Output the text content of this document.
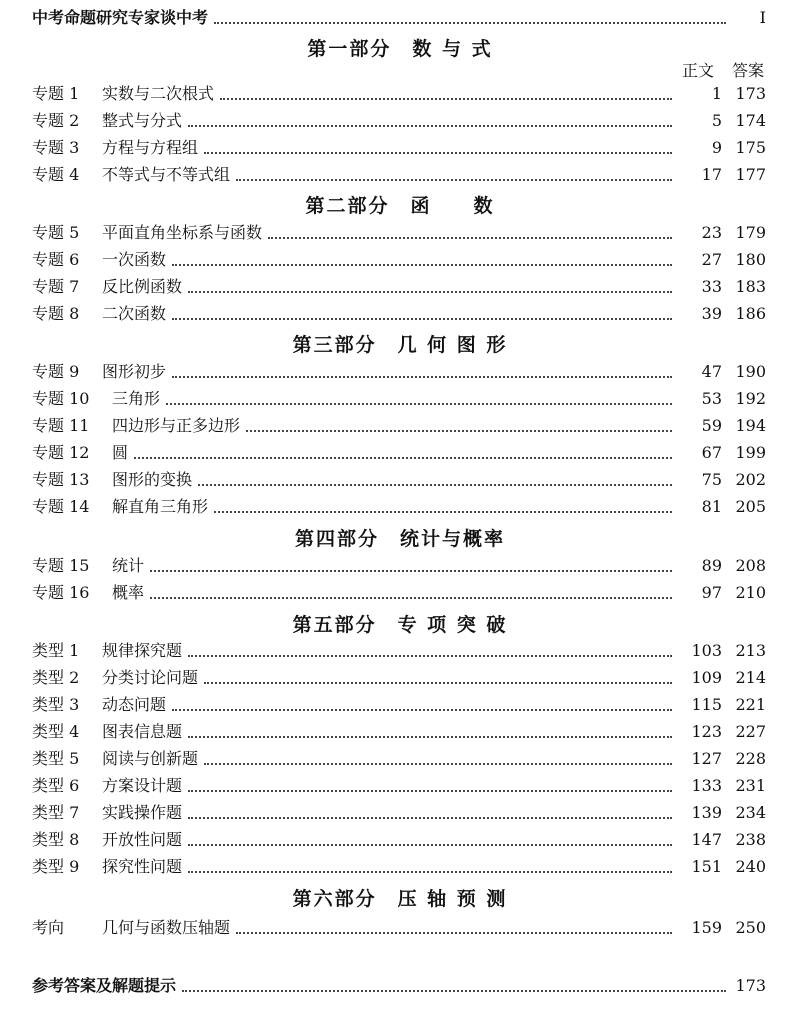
中考命题研究专家谈中考	I
第一部分　数 与 式
正文 答案
专题 1	实数与二次根式	1 173
专题 2	整式与分式	5 174
专题 3	方程与方程组	9 175
专题 4	不等式与不等式组	17 177
第二部分　函　　数
专题 5	平面直角坐标系与函数	23 179
专题 6	一次函数	27 180
专题 7	反比例函数	33 183
专题 8	二次函数	39 186
第三部分　几 何 图 形
专题 9	图形初步	47 190
专题 10	三角形	53 192
专题 11	四边形与正多边形	59 194
专题 12	圆	67 199
专题 13	图形的变换	75 202
专题 14	解直角三角形	81 205
第四部分　统计与概率
专题 15	统计	89 208
专题 16	概率	97 210
第五部分　专 项 突 破
类型 1	规律探究题	103 213
类型 2	分类讨论问题	109 214
类型 3	动态问题	115 221
类型 4	图表信息题	123 227
类型 5	阅读与创新题	127 228
类型 6	方案设计题	133 231
类型 7	实践操作题	139 234
类型 8	开放性问题	147 238
类型 9	探究性问题	151 240
第六部分　压 轴 预 测
考向	几何与函数压轴题	159 250
参考答案及解题提示	173
